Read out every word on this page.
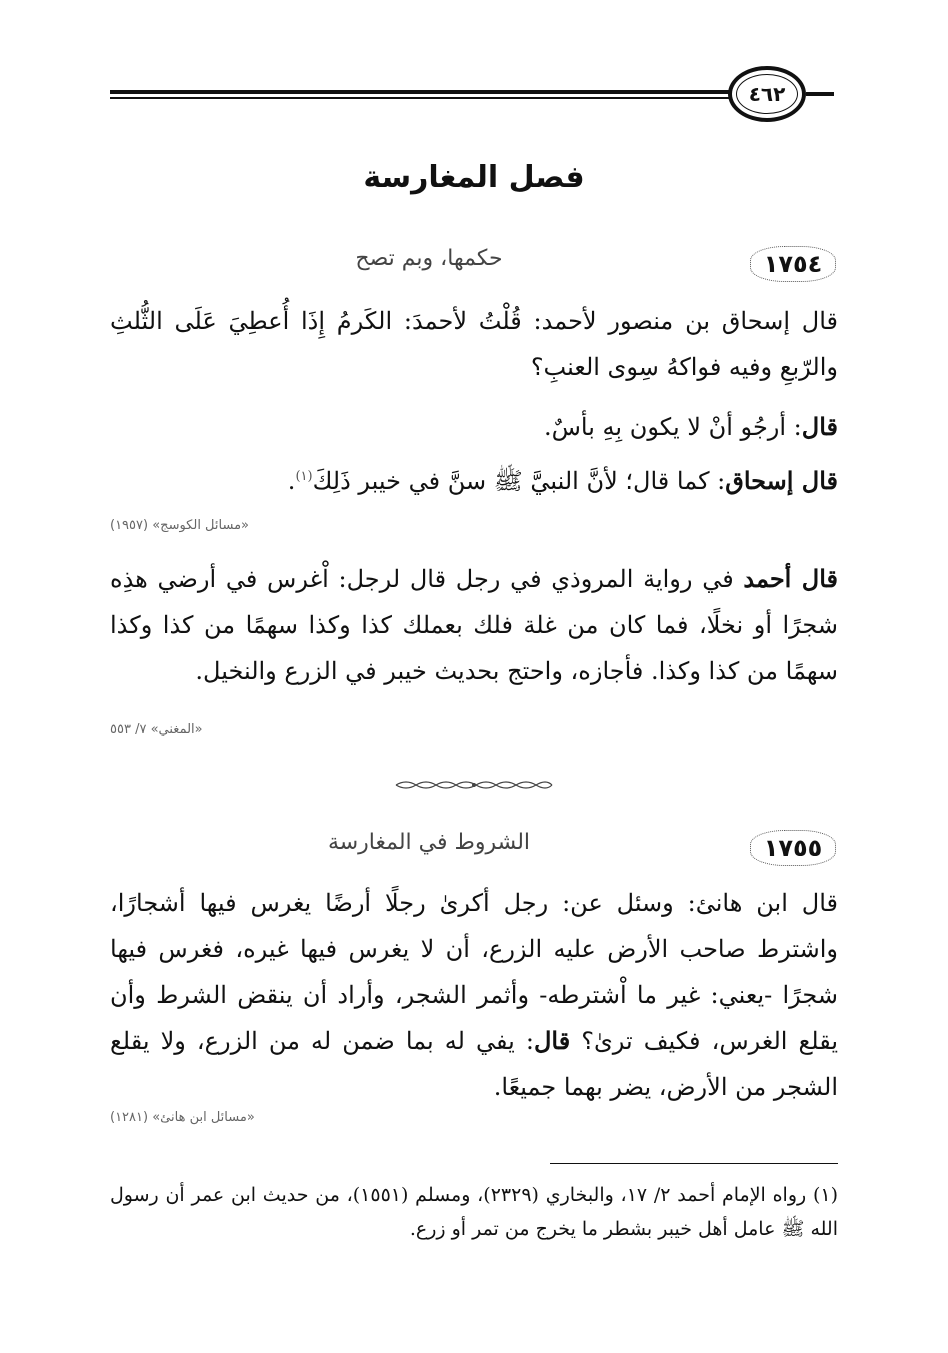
٤٦٢
فصل المغارسة
١٧٥٤
حكمها، وبم تصح
قال إسحاق بن منصور لأحمد: قُلْتُ لأحمدَ: الكَرمُ إِذَا أُعطِيَ عَلَى الثُّلثِ والرّبعِ وفيه فواكهُ سِوى العنبِ؟
قال: أرجُو أنْ لا يكون بِهِ بأسٌ.
قال إسحاق: كما قال؛ لأنَّ النبيَّ ﷺ سنَّ في خيبر ذَلِكَ$^{(١)}$.
«مسائل الكوسج» (١٩٥٧)
قال أحمد في رواية المروذي في رجل قال لرجل: اْغرس في أرضي هذِه شجرًا أو نخلًا، فما كان من غلة فلك بعملك كذا وكذا سهمًا من كذا وكذا سهمًا من كذا وكذا. فأجازه، واحتج بحديث خيبر في الزرع والنخيل.
«المغني» ٧/ ٥٥٣
١٧٥٥
الشروط في المغارسة
قال ابن هانئ: وسئل عن: رجل أكرىٰ رجلًا أرضًا يغرس فيها أشجارًا، واشترط صاحب الأرض عليه الزرع، أن لا يغرس فيها غيره، فغرس فيها شجرًا -يعني: غير ما اْشترطه- وأثمر الشجر، وأراد أن ينقض الشرط وأن يقلع الغرس، فكيف ترىٰ؟ قال: يفي له بما ضمن له من الزرع، ولا يقلع الشجر من الأرض، يضر بهما جميعًا.
«مسائل ابن هانئ» (١٢٨١)
(١) رواه الإمام أحمد ٢/ ١٧، والبخاري (٢٣٢٩)، ومسلم (١٥٥١)، من حديث ابن عمر أن رسول الله ﷺ عامل أهل خيبر بشطر ما يخرج من تمر أو زرع.
